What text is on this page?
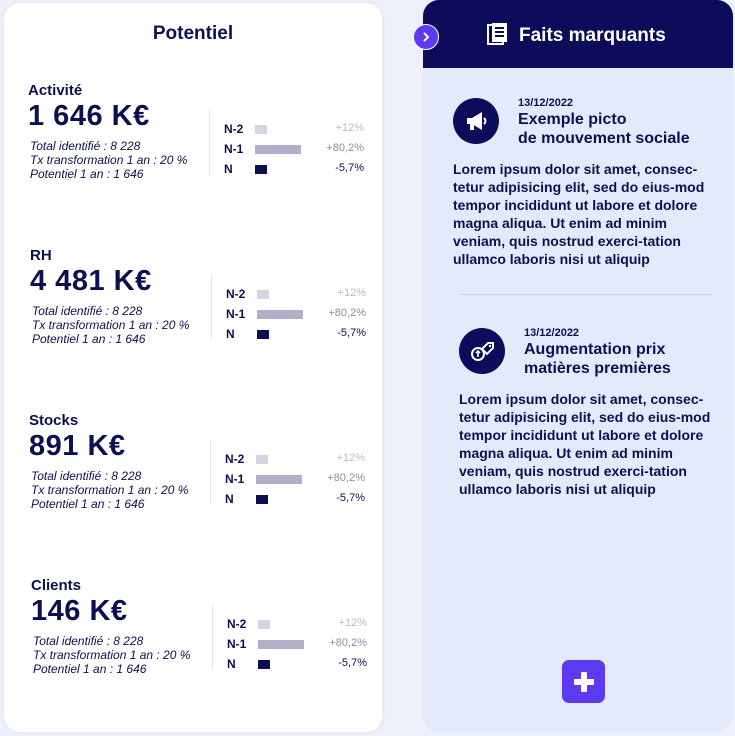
Potentiel
Activité
1 646 K€
Total identifié : 8 228
Tx transformation 1 an : 20 %
Potentiel 1 an : 1 646
N-2	+12%
N-1	+80,2%
N	-5,7%
RH
4 481 K€
Total identifié : 8 228
Tx transformation 1 an : 20 %
Potentiel 1 an : 1 646
N-2	+12%
N-1	+80,2%
N	-5,7%
Stocks
891 K€
Total identifié : 8 228
Tx transformation 1 an : 20 %
Potentiel 1 an : 1 646
N-2	+12%
N-1	+80,2%
N	-5,7%
Clients
146 K€
Total identifié : 8 228
Tx transformation 1 an : 20 %
Potentiel 1 an : 1 646
N-2	+12%
N-1	+80,2%
N	-5,7%
Faits marquants
13/12/2022
Exemple picto
de mouvement sociale
Lorem ipsum dolor sit amet, consec-tetur adipisicing elit, sed do eius-mod tempor incididunt ut labore et dolore magna aliqua. Ut enim ad minim veniam, quis nostrud exerci-tation ullamco laboris nisi ut aliquip
13/12/2022
Augmentation prix
matières premières
Lorem ipsum dolor sit amet, consec-tetur adipisicing elit, sed do eius-mod tempor incididunt ut labore et dolore magna aliqua. Ut enim ad minim veniam, quis nostrud exerci-tation ullamco laboris nisi ut aliquip
